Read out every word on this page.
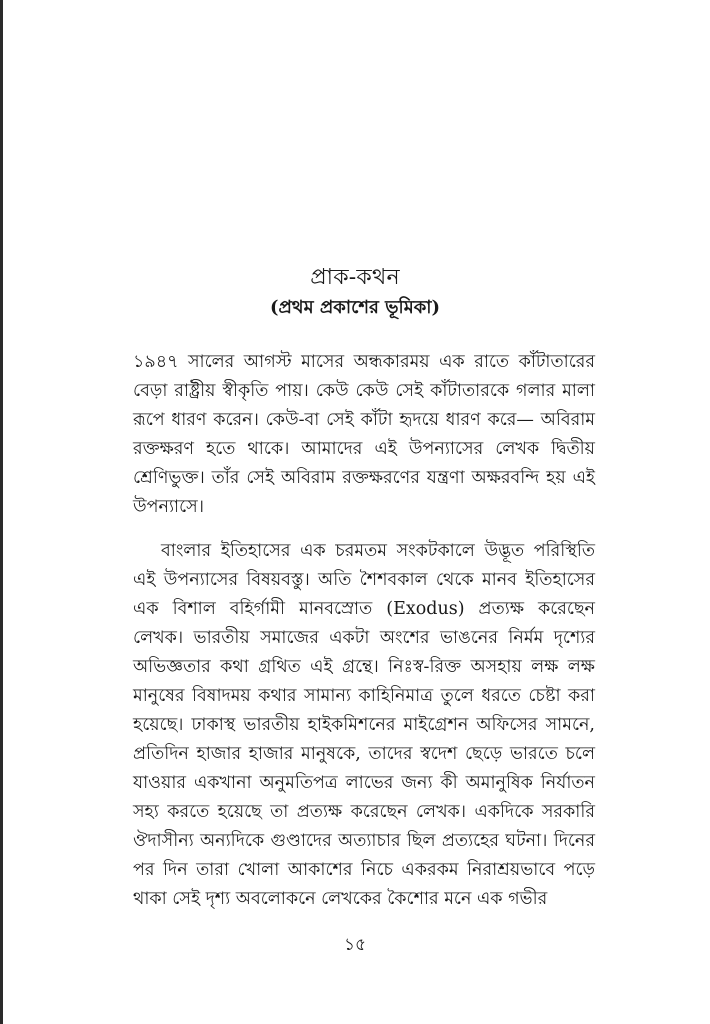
প্রাক-কথন
(প্রথম প্রকাশের ভূমিকা)

১৯৪৭ সালের আগস্ট মাসের অন্ধকারময় এক রাতে কাঁটাতারের বেড়া রাষ্ট্রীয় স্বীকৃতি পায়। কেউ কেউ সেই কাঁটাতারকে গলার মালা রূপে ধারণ করেন। কেউ-বা সেই কাঁটা হৃদয়ে ধারণ করে— অবিরাম রক্তক্ষরণ হতে থাকে। আমাদের এই উপন্যাসের লেখক দ্বিতীয় শ্রেণিভুক্ত। তাঁর সেই অবিরাম রক্তক্ষরণের যন্ত্রণা অক্ষরবন্দি হয় এই উপন্যাসে।

বাংলার ইতিহাসের এক চরমতম সংকটকালে উদ্ভূত পরিস্থিতি এই উপন্যাসের বিষয়বস্তু। অতি শৈশবকাল থেকে মানব ইতিহাসের এক বিশাল বহির্গামী মানবস্রোত (Exodus) প্রত্যক্ষ করেছেন লেখক। ভারতীয় সমাজের একটা অংশের ভাঙনের নির্মম দৃশ্যের অভিজ্ঞতার কথা গ্রথিত এই গ্রন্থে। নিঃস্ব-রিক্ত অসহায় লক্ষ লক্ষ মানুষের বিষাদময় কথার সামান্য কাহিনিমাত্র তুলে ধরতে চেষ্টা করা হয়েছে। ঢাকাস্থ ভারতীয় হাইকমিশনের মাইগ্রেশন অফিসের সামনে, প্রতিদিন হাজার হাজার মানুষকে, তাদের স্বদেশ ছেড়ে ভারতে চলে যাওয়ার একখানা অনুমতিপত্র লাভের জন্য কী অমানুষিক নির্যাতন সহ্য করতে হয়েছে তা প্রত্যক্ষ করেছেন লেখক। একদিকে সরকারি ঔদাসীন্য অন্যদিকে গুণ্ডাদের অত্যাচার ছিল প্রত্যহের ঘটনা। দিনের পর দিন তারা খোলা আকাশের নিচে একরকম নিরাশ্রয়ভাবে পড়ে থাকা সেই দৃশ্য অবলোকনে লেখকের কৈশোর মনে এক গভীর

১৫
